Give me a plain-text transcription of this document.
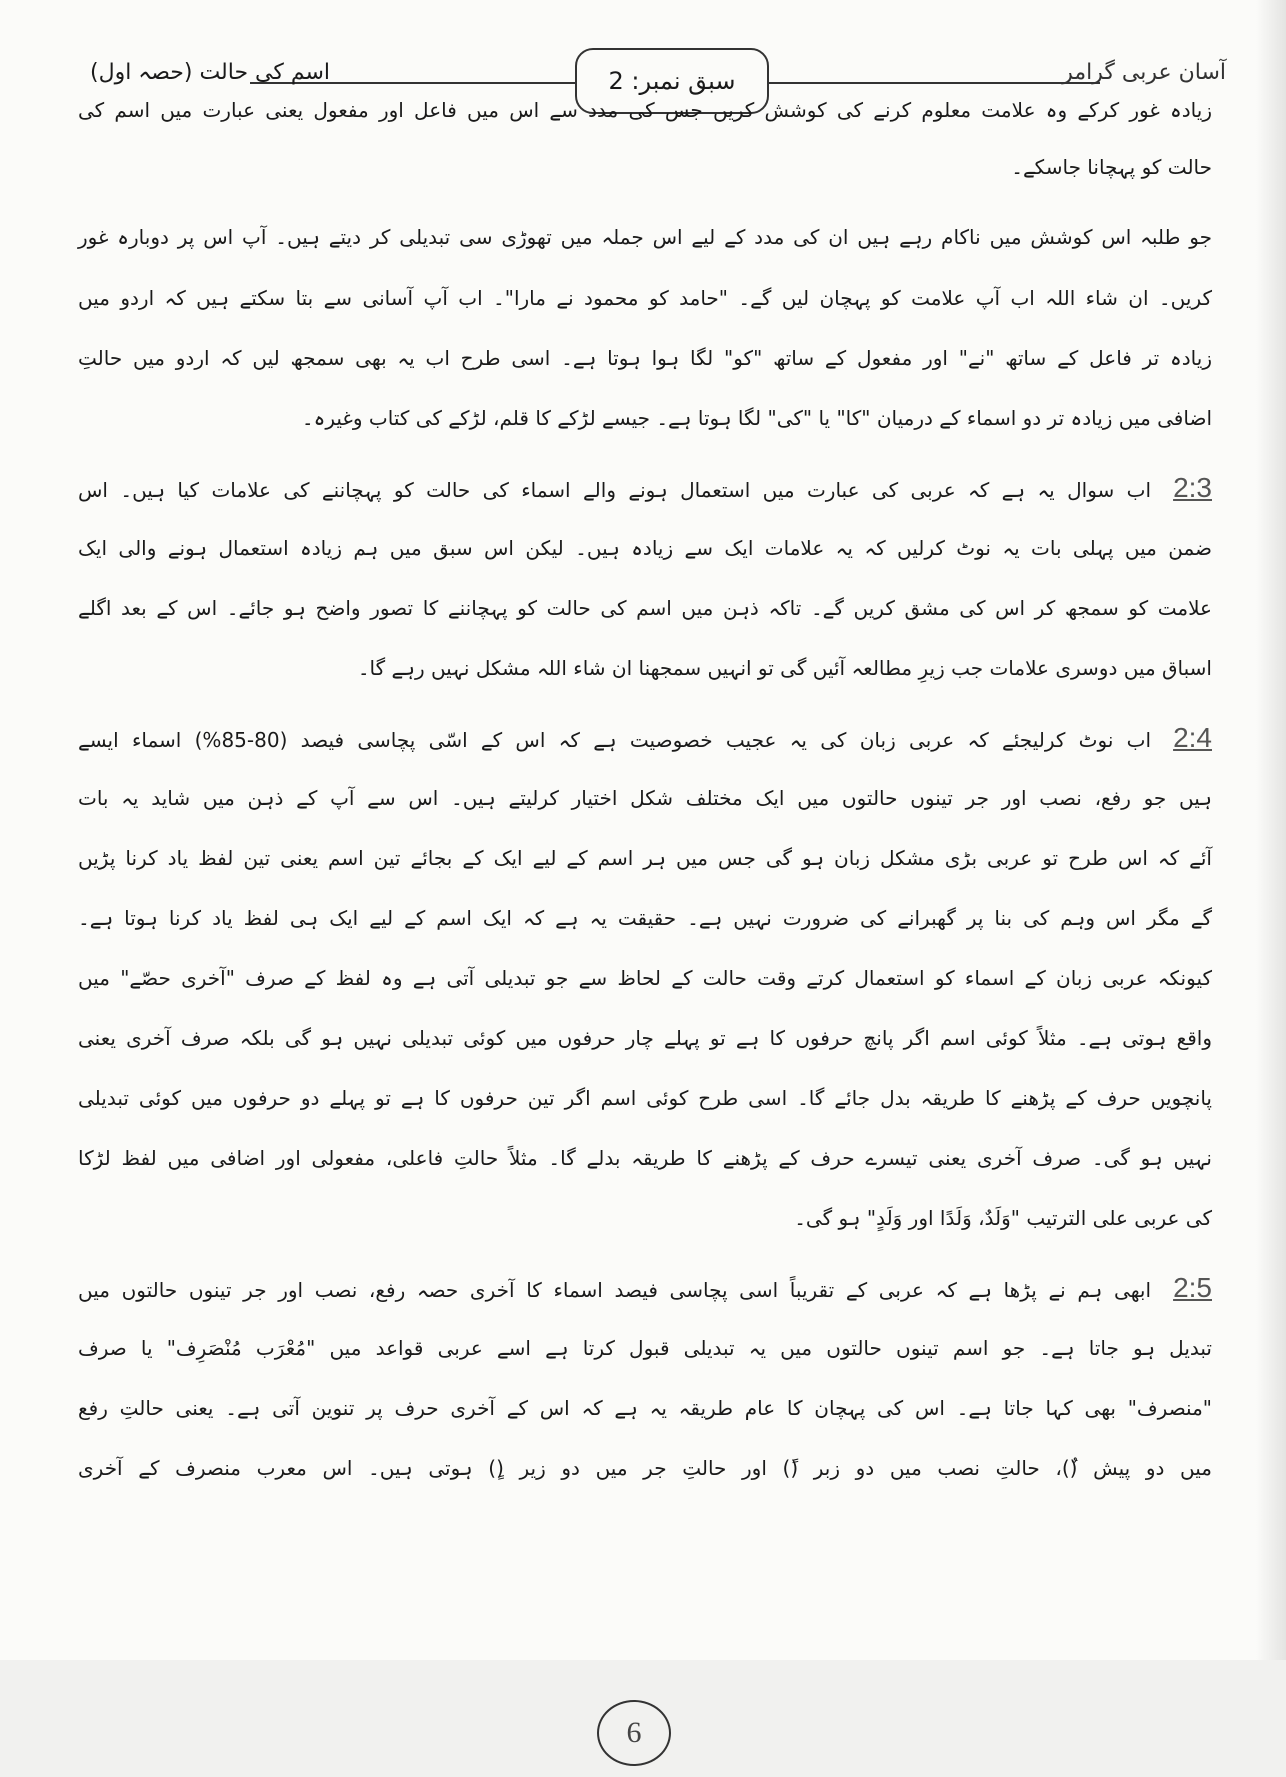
اسم کی حالت (حصہ اول)	سبق نمبر: 2	آسان عربی گرامر
زیادہ غور کرکے وہ علامت معلوم کرنے کی کوشش کریں جس کی مدد سے اس میں فاعل اور مفعول یعنی عبارت میں اسم کی
حالت کو پہچانا جاسکے۔
جو طلبہ اس کوشش میں ناکام رہے ہیں ان کی مدد کے لیے اس جملہ میں تھوڑی سی تبدیلی کر دیتے ہیں۔ آپ اس پر دوبارہ غور
کریں۔ ان شاء اللہ اب آپ علامت کو پہچان لیں گے۔ "حامد کو محمود نے مارا"۔ اب آپ آسانی سے بتا سکتے ہیں کہ اردو میں
زیادہ تر فاعل کے ساتھ "نے" اور مفعول کے ساتھ "کو" لگا ہوا ہوتا ہے۔ اسی طرح اب یہ بھی سمجھ لیں کہ اردو میں حالتِ
اضافی میں زیادہ تر دو اسماء کے درمیان "کا" یا "کی" لگا ہوتا ہے۔ جیسے لڑکے کا قلم، لڑکے کی کتاب وغیرہ۔
2:3اب سوال یہ ہے کہ عربی کی عبارت میں استعمال ہونے والے اسماء کی حالت کو پہچاننے کی علامات کیا ہیں۔ اس
ضمن میں پہلی بات یہ نوٹ کرلیں کہ یہ علامات ایک سے زیادہ ہیں۔ لیکن اس سبق میں ہم زیادہ استعمال ہونے والی ایک
علامت کو سمجھ کر اس کی مشق کریں گے۔ تاکہ ذہن میں اسم کی حالت کو پہچاننے کا تصور واضح ہو جائے۔ اس کے بعد اگلے
اسباق میں دوسری علامات جب زیرِ مطالعہ آئیں گی تو انہیں سمجھنا ان شاء اللہ مشکل نہیں رہے گا۔
2:4اب نوٹ کرلیجئے کہ عربی زبان کی یہ عجیب خصوصیت ہے کہ اس کے اسّی پچاسی فیصد (80-85%) اسماء ایسے
ہیں جو رفع، نصب اور جر تینوں حالتوں میں ایک مختلف شکل اختیار کرلیتے ہیں۔ اس سے آپ کے ذہن میں شاید یہ بات
آئے کہ اس طرح تو عربی بڑی مشکل زبان ہو گی جس میں ہر اسم کے لیے ایک کے بجائے تین اسم یعنی تین لفظ یاد کرنا پڑیں
گے مگر اس وہم کی بنا پر گھبرانے کی ضرورت نہیں ہے۔ حقیقت یہ ہے کہ ایک اسم کے لیے ایک ہی لفظ یاد کرنا ہوتا ہے۔
کیونکہ عربی زبان کے اسماء کو استعمال کرتے وقت حالت کے لحاظ سے جو تبدیلی آتی ہے وہ لفظ کے صرف "آخری حصّے" میں
واقع ہوتی ہے۔ مثلاً کوئی اسم اگر پانچ حرفوں کا ہے تو پہلے چار حرفوں میں کوئی تبدیلی نہیں ہو گی بلکہ صرف آخری یعنی
پانچویں حرف کے پڑھنے کا طریقہ بدل جائے گا۔ اسی طرح کوئی اسم اگر تین حرفوں کا ہے تو پہلے دو حرفوں میں کوئی تبدیلی
نہیں ہو گی۔ صرف آخری یعنی تیسرے حرف کے پڑھنے کا طریقہ بدلے گا۔ مثلاً حالتِ فاعلی، مفعولی اور اضافی میں لفظ لڑکا
کی عربی علی الترتیب "وَلَدٌ، وَلَدًا اور وَلَدٍ" ہو گی۔
2:5ابھی ہم نے پڑھا ہے کہ عربی کے تقریباً اسی پچاسی فیصد اسماء کا آخری حصہ رفع، نصب اور جر تینوں حالتوں میں
تبدیل ہو جاتا ہے۔ جو اسم تینوں حالتوں میں یہ تبدیلی قبول کرتا ہے اسے عربی قواعد میں "مُعْرَب مُنْصَرِف" یا صرف
"منصرف" بھی کہا جاتا ہے۔ اس کی پہچان کا عام طریقہ یہ ہے کہ اس کے آخری حرف پر تنوین آتی ہے۔ یعنی حالتِ رفع
میں دو پیش (ٌ)، حالتِ نصب میں دو زبر (ً) اور حالتِ جر میں دو زیر (ٍ) ہوتی ہیں۔ اس معرب منصرف کے آخری
6
